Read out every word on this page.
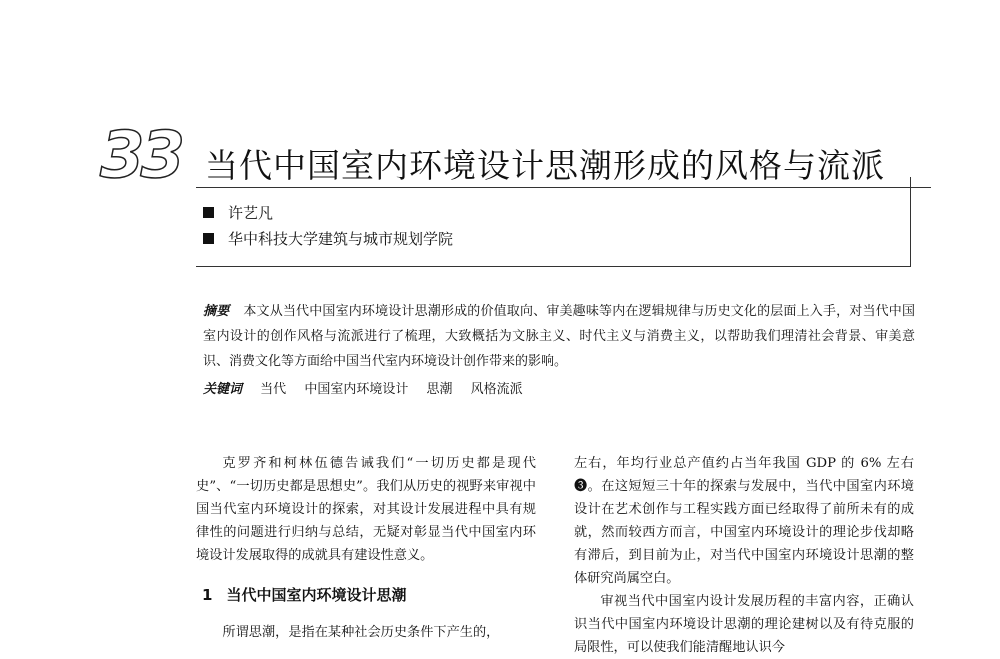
33 当代中国室内环境设计思潮形成的风格与流派
许艺凡
华中科技大学建筑与城市规划学院

摘要 本文从当代中国室内环境设计思潮形成的价值取向、审美趣味等内在逻辑规律与历史文化的层面上入手，对当代中国室内设计的创作风格与流派进行了梳理，大致概括为文脉主义、时代主义与消费主义，以帮助我们理清社会背景、审美意识、消费文化等方面给中国当代室内环境设计创作带来的影响。

关键词 当代 中国室内环境设计 思潮 风格流派

克罗齐和柯林伍德告诫我们“一切历史都是现代史”、“一切历史都是思想史”。我们从历史的视野来审视中国当代室内环境设计的探索，对其设计发展进程中具有规律性的问题进行归纳与总结，无疑对彰显当代中国室内环境设计发展取得的成就具有建设性意义。

1 当代中国室内环境设计思潮

所谓思潮，是指在某种社会历史条件下产生的，

左右，年均行业总产值约占当年我国 GDP 的 6% 左右❸。在这短短三十年的探索与发展中，当代中国室内环境设计在艺术创作与工程实践方面已经取得了前所未有的成就，然而较西方而言，中国室内环境设计的理论步伐却略有滞后，到目前为止，对当代中国室内环境设计思潮的整体研究尚属空白。

审视当代中国室内设计发展历程的丰富内容，正确认识当代中国室内环境设计思潮的理论建树以及有待克服的局限性，可以使我们能清醒地认识今
